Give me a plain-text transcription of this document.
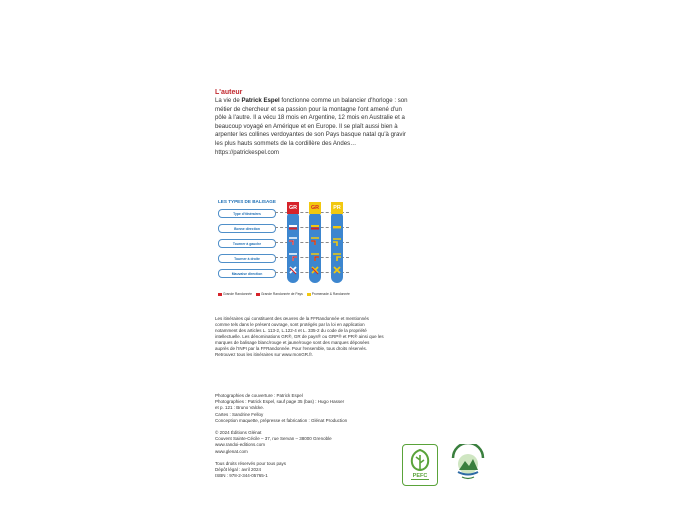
L'auteur

La vie de Patrick Espel fonctionne comme un balancier d'horloge : son
métier de chercheur et sa passion pour la montagne l'ont amené d'un
pôle à l'autre. Il a vécu 18 mois en Argentine, 12 mois en Australie et a
beaucoup voyagé en Amérique et en Europe. Il se plaît aussi bien à
arpenter les collines verdoyantes de son Pays basque natal qu'à gravir
les plus hauts sommets de la cordillère des Andes…
https://patrickespel.com

LES TYPES DE BALISAGE
Type d'itinéraires
Bonne direction
Tourner à gauche
Tourner à droite
Mauvaise direction
GR	GR	PR
Grande Randonnée	Grande Randonnée de Pays	Promenade & Randonnée

Les itinéraires qui constituent des œuvres de la FFRandonnée et mentionnés

comme tels dans le présent ouvrage, sont protégés par la loi en application

notamment des articles L. 113-2, L.122-4 et L. 335-2 du code de la propriété

intellectuelle. Les dénominations GR®, GR de pays® ou GRP® et PR® ainsi que les

marques de balisage blanc/rouge et jaune/rouge sont des marques déposées

auprès de l'INPI par la FFRandonnée. Pour l'ensemble, tous droits réservés.

Retrouvez tous les itinéraires sur www.monGR.fr.

Photographies de couverture : Patrick Espel
Photographies : Patrick Espel, sauf page 35 (bas) : Hugo Hasser
et p. 121 : Bruno Valcke.
Cartes : Sandrine Felloy
Conception maquette, prépresse et fabrication : Glénat Production
© 2024 Éditions Glénat
Couvent Sainte-Cécile – 37, rue Servan – 38000 Grenoble
www.randoi-editions.com
www.glenat.com
Tous droits réservés pour tous pays
Dépôt légal : avril 2024
ISBN : 978-2-344-05765-1	PEFC
